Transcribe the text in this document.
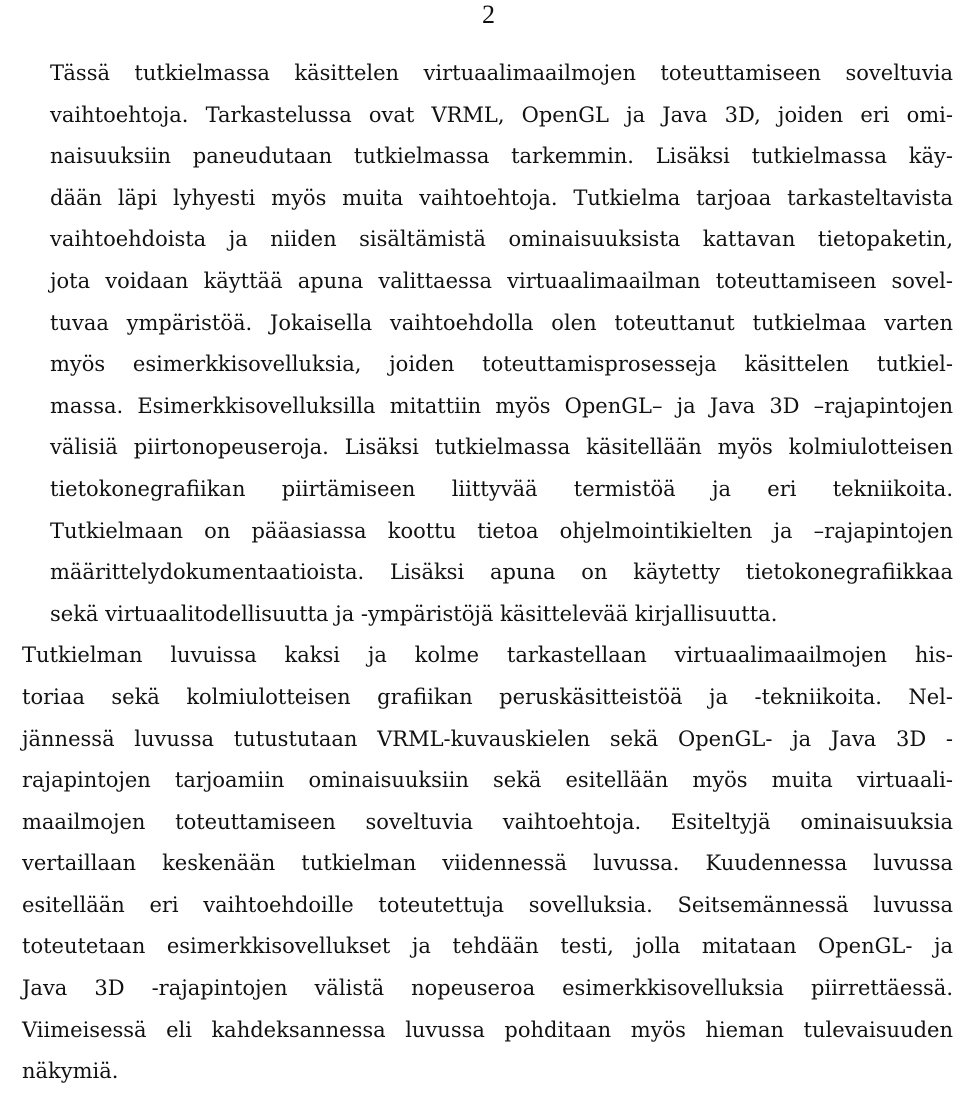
2

Tässä tutkielmassa käsittelen virtuaalimaailmojen toteuttamiseen soveltuvia
vaihtoehtoja. Tarkastelussa ovat VRML, OpenGL ja Java 3D, joiden eri omi-
naisuuksiin paneudutaan tutkielmassa tarkemmin. Lisäksi tutkielmassa käy-
dään läpi lyhyesti myös muita vaihtoehtoja. Tutkielma tarjoaa tarkasteltavista
vaihtoehdoista ja niiden sisältämistä ominaisuuksista kattavan tietopaketin,
jota voidaan käyttää apuna valittaessa virtuaalimaailman toteuttamiseen sovel-
tuvaa ympäristöä. Jokaisella vaihtoehdolla olen toteuttanut tutkielmaa varten
myös esimerkkisovelluksia, joiden toteuttamisprosesseja käsittelen tutkiel-
massa. Esimerkkisovelluksilla mitattiin myös OpenGL– ja Java 3D –rajapintojen
välisiä piirtonopeuseroja. Lisäksi tutkielmassa käsitellään myös kolmiulotteisen
tietokonegrafiikan piirtämiseen liittyvää termistöä ja eri tekniikoita.
Tutkielmaan on pääasiassa koottu tietoa ohjelmointikielten ja –rajapintojen
määrittelydokumentaatioista. Lisäksi apuna on käytetty tietokonegrafiikkaa
sekä virtuaalitodellisuutta ja -ympäristöjä käsittelevää kirjallisuutta.

Tutkielman luvuissa kaksi ja kolme tarkastellaan virtuaalimaailmojen his-
toriaa sekä kolmiulotteisen grafiikan peruskäsitteistöä ja -tekniikoita. Nel-
jännessä luvussa tutustutaan VRML-kuvauskielen sekä OpenGL- ja Java 3D -
rajapintojen tarjoamiin ominaisuuksiin sekä esitellään myös muita virtuaali-
maailmojen toteuttamiseen soveltuvia vaihtoehtoja. Esiteltyjä ominaisuuksia
vertaillaan keskenään tutkielman viidennessä luvussa. Kuudennessa luvussa
esitellään eri vaihtoehdoille toteutettuja sovelluksia. Seitsemännessä luvussa
toteutetaan esimerkkisovellukset ja tehdään testi, jolla mitataan OpenGL- ja
Java 3D -rajapintojen välistä nopeuseroa esimerkkisovelluksia piirrettäessä.
Viimeisessä eli kahdeksannessa luvussa pohditaan myös hieman tulevaisuuden
näkymiä.
